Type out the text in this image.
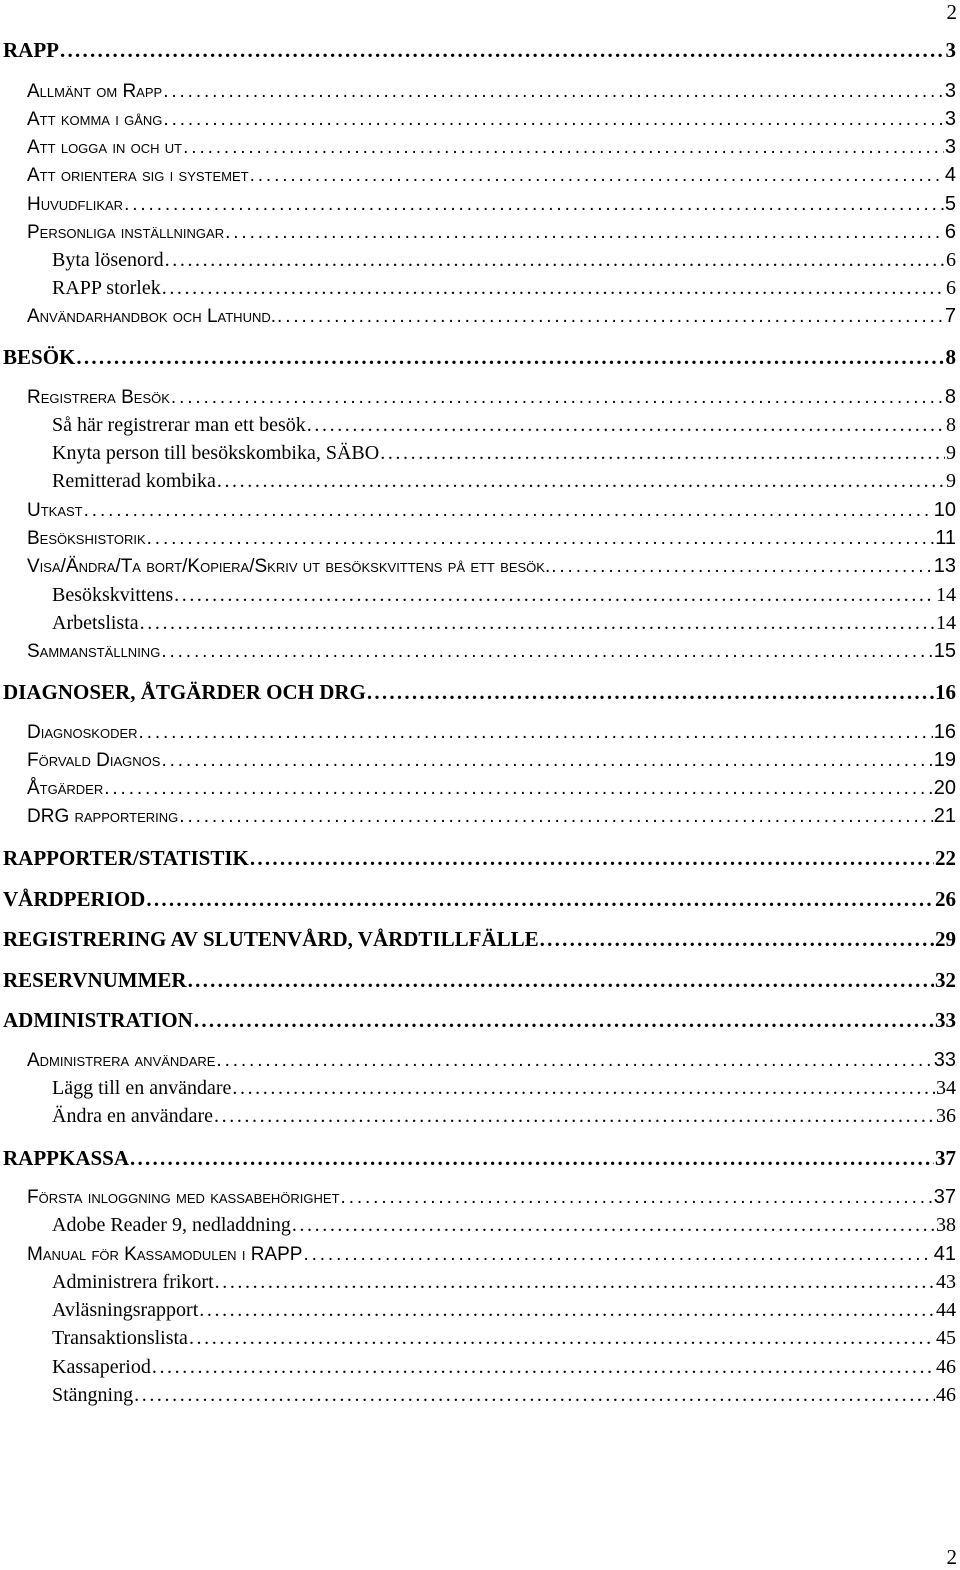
2
RAPP . . .	3
Allmänt om Rapp . . .	3
Att komma i gång . . .	3
Att logga in och ut . . .	3
Att orientera sig i systemet . . .	4
Huvudflikar . . .	5
Personliga inställningar . . .	6
Byta lösenord . . .	6
RAPP storlek . . .	6
Användarhandbok och Lathund. . . .	7
BESÖK . . .	8
Registrera Besök . . .	8
Så här registrerar man ett besök . . .	8
Knyta person till besökskombika, SÄBO . . .	9
Remitterad kombika . . .	9
Utkast . . .	10
Besökshistorik . . .	11
Visa/Ändra/Ta bort/Kopiera/Skriv ut besökskvittens på ett besök. . . .	13
Besökskvittens . . .	14
Arbetslista . . .	14
Sammanställning . . .	15
DIAGNOSER, ÅTGÄRDER OCH DRG . . .	16
Diagnoskoder . . .	16
Förvald Diagnos . . .	19
Åtgärder . . .	20
DRG rapportering . . .	21
RAPPORTER/STATISTIK . . .	22
VÅRDPERIOD . . .	26
REGISTRERING AV SLUTENVÅRD, VÅRDTILLFÄLLE . . .	29
RESERVNUMMER . . .	32
ADMINISTRATION . . .	33
Administrera användare . . .	33
Lägg till en användare . . .	34
Ändra en användare . . .	36
RAPPKASSA . . .	37
Första inloggning med kassabehörighet . . .	37
Adobe Reader 9, nedladdning . . .	38
Manual för Kassamodulen i RAPP . . .	41
Administrera frikort . . .	43
Avläsningsrapport . . .	44
Transaktionslista . . .	45
Kassaperiod . . .	46
Stängning . . .	46
2
